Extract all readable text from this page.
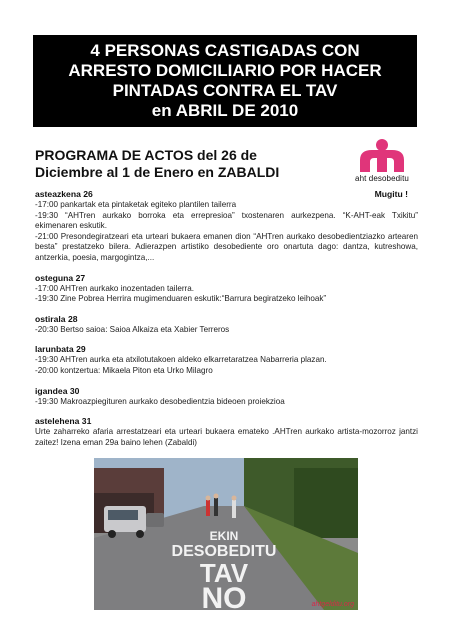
4 PERSONAS CASTIGADAS CON
ARRESTO DOMICILIARIO POR HACER
PINTADAS CONTRA EL TAV
en ABRIL DE 2010
PROGRAMA DE ACTOS del 26 de
Diciembre al 1 de Enero en ZABALDI	aht desobeditu
asteazkena 26	Mugitu !
-17:00 pankartak eta pintaketak egiteko plantilen tailerra
-19:30 “AHTren aurkako borroka eta errepresioa” txostenaren aurkezpena. “K-AHT-eak Txikitu” ekimenaren eskutik.
-21:00 Presondegiratzeari eta urteari bukaera emanen dion “AHTren aurkako desobedientziazko artearen besta” prestatzeko bilera. Adierazpen artistiko desobediente oro onartuta dago: dantza, kutreshowa, antzerkia, poesia, margogintza,...
osteguna 27
-17:00 AHTren aurkako inozentaden tailerra.
-19:30 Zine Pobrea Herrira mugimenduaren eskutik:“Barrura begiratzeko leihoak”
ostirala 28
-20:30 Bertso saioa: Saioa Alkaiza eta Xabier Terreros
larunbata 29
-19:30 AHTren aurka eta atxilotutakoen aldeko elkarretaratzea Nabarreria plazan.
-20:00 kontzertua: Mikaela Piton eta Urko Milagro
igandea 30
-19:30 Makroazpiegituren aurkako desobedientzia bideoen proiekzioa
astelehena 31
Urte zaharreko afaria arrestatzeari eta urteari bukaera emateko .AHTren aurkako artista-mozorroz jantzi zaitez! Izena eman 29a baino lehen (Zabaldi)
EKIN
DESOBEDITU
TAV
NO	ahtgelditu.org
